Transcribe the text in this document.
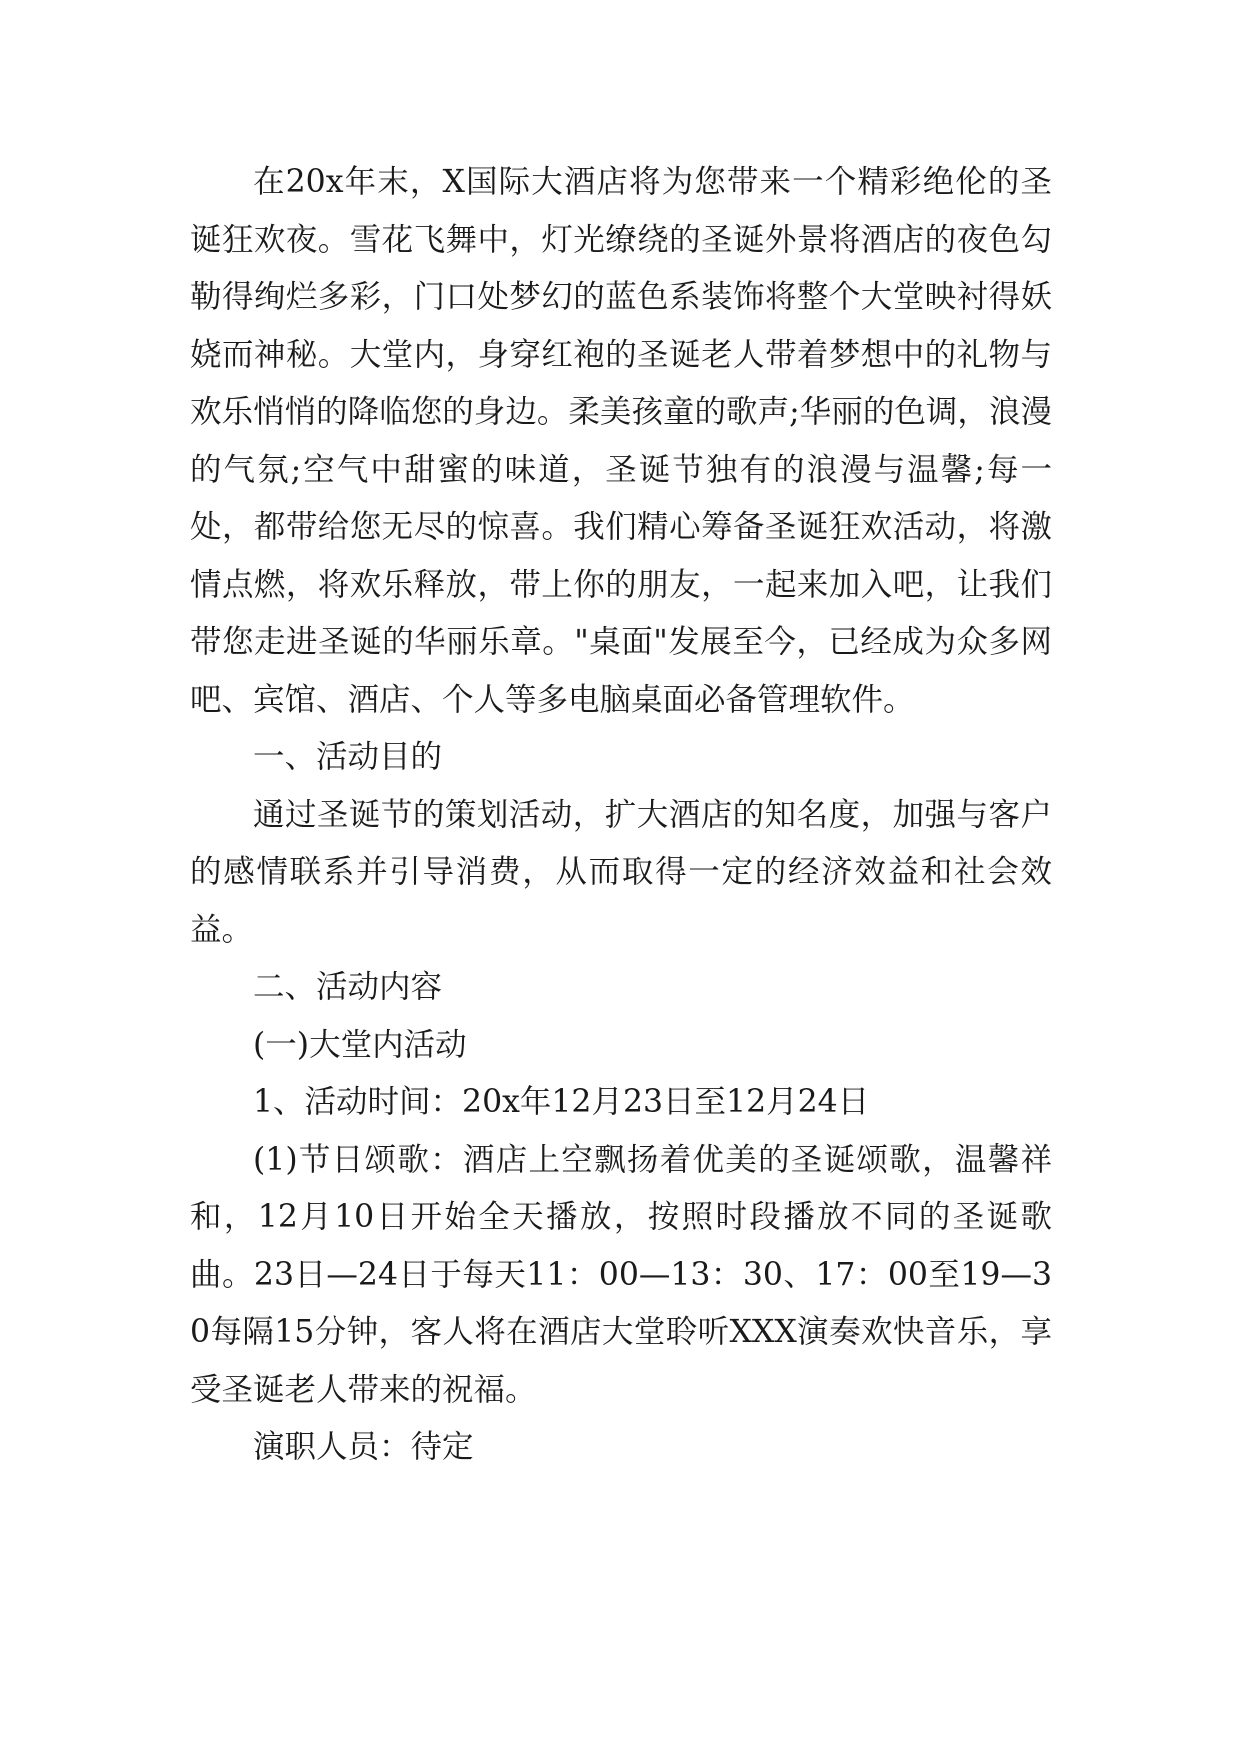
在20x年末，X国际大酒店将为您带来一个精彩绝伦的圣诞狂欢夜。雪花飞舞中，灯光缭绕的圣诞外景将酒店的夜色勾勒得绚烂多彩，门口处梦幻的蓝色系装饰将整个大堂映衬得妖娆而神秘。大堂内，身穿红袍的圣诞老人带着梦想中的礼物与欢乐悄悄的降临您的身边。柔美孩童的歌声;华丽的色调，浪漫的气氛;空气中甜蜜的味道，圣诞节独有的浪漫与温馨;每一处，都带给您无尽的惊喜。我们精心筹备圣诞狂欢活动，将激情点燃，将欢乐释放，带上你的朋友，一起来加入吧，让我们带您走进圣诞的华丽乐章。"桌面"发展至今，已经成为众多网吧、宾馆、酒店、个人等多电脑桌面必备管理软件。

一、活动目的

通过圣诞节的策划活动，扩大酒店的知名度，加强与客户的感情联系并引导消费，从而取得一定的经济效益和社会效益。

二、活动内容

(一)大堂内活动

1、活动时间：20x年12月23日至12月24日

(1)节日颂歌：酒店上空飘扬着优美的圣诞颂歌，温馨祥和，12月10日开始全天播放，按照时段播放不同的圣诞歌曲。23日—24日于每天11：00—13：30、17：00至19—30每隔15分钟，客人将在酒店大堂聆听XXX演奏欢快音乐，享受圣诞老人带来的祝福。

演职人员：待定
